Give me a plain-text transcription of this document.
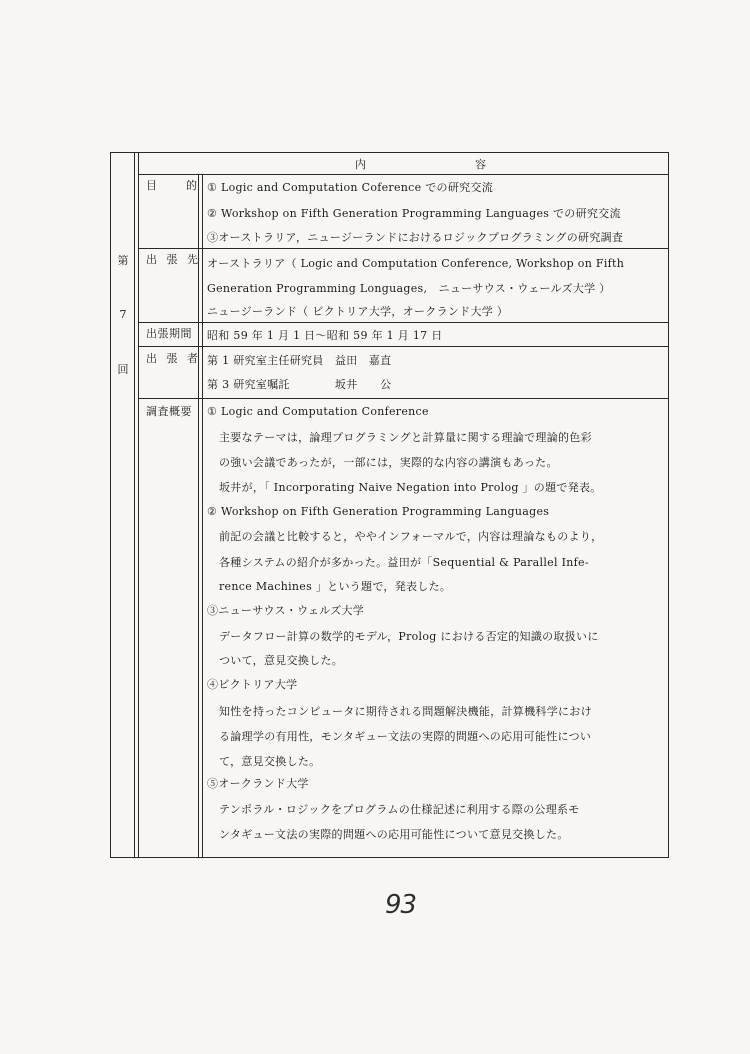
内　　　　　　　　　容
第
7
回
目　的 ① Logic and Computation Coference での研究交流
② Workshop on Fifth Generation Programming Languages での研究交流
③オーストラリア，ニュージーランドにおけるロジックプログラミングの研究調査
出 張 先 オーストラリア（ Logic and Computation Conference, Workshop on Fifth
Generation Programming Longuages,　ニューサウス・ウェールズ大学 ）
ニュージーランド（ ビクトリア大学，オークランド大学 ）
出張期間 昭和 59 年 1 月 1 日～昭和 59 年 1 月 17 日
出 張 者 第 1 研究室主任研究員　益田　嘉直
第 3 研究室嘱託　　　　坂井　　公
調査概要 ① Logic and Computation Conference
主要なテーマは，論理プログラミングと計算量に関する理論で理論的色彩
の強い会議であったが，一部には，実際的な内容の講演もあった。
坂井が，「 Incorporating Naive Negation into Prolog 」の題で発表。
② Workshop on Fifth Generation Programming Languages
前記の会議と比較すると，ややインフォーマルで，内容は理論なものより，
各種システムの紹介が多かった。益田が「Sequential & Parallel Infe-
rence Machines 」という題で，発表した。
③ニューサウス・ウェルズ大学
データフロー計算の数学的モデル，Prolog における否定的知識の取扱いに
ついて，意見交換した。
④ビクトリア大学
知性を持ったコンピュータに期待される問題解決機能，計算機科学におけ
る論理学の有用性，モンタギュー文法の実際的問題への応用可能性につい
て，意見交換した。
⑤オークランド大学
テンポラル・ロジックをプログラムの仕様記述に利用する際の公理系モ
ンタギュー文法の実際的問題への応用可能性について意見交換した。
93
